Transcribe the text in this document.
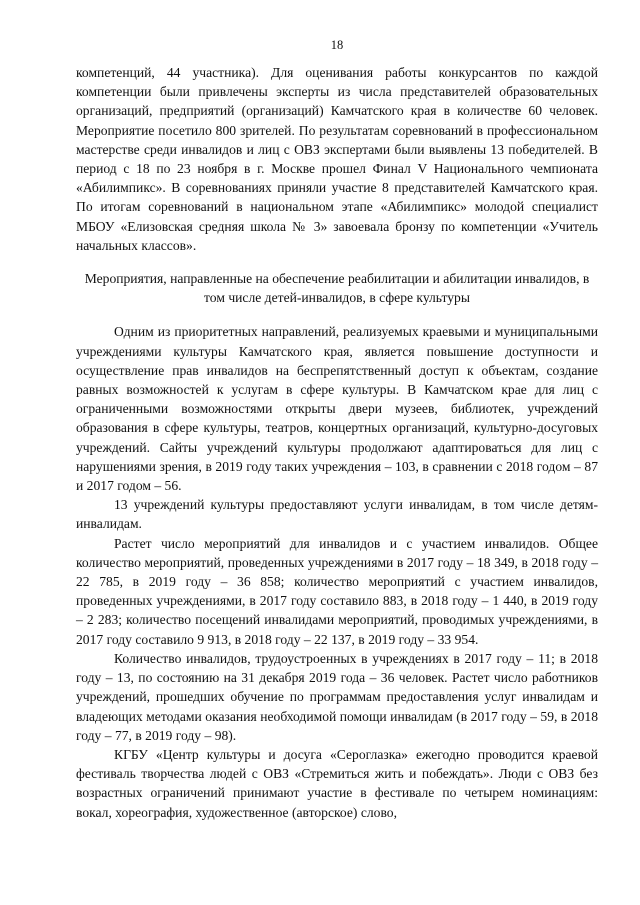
18

компетенций, 44 участника). Для оценивания работы конкурсантов по каждой компетенции были привлечены эксперты из числа представителей образовательных организаций, предприятий (организаций) Камчатского края в количестве 60 человек. Мероприятие посетило 800 зрителей. По результатам соревнований в профессиональном мастерстве среди инвалидов и лиц с ОВЗ экспертами были выявлены 13 победителей. В период с 18 по 23 ноября в г. Москве прошел Финал V Национального чемпионата «Абилимпикс». В соревнованиях приняли участие 8 представителей Камчатского края. По итогам соревнований в национальном этапе «Абилимпикс» молодой специалист МБОУ «Елизовская средняя школа № 3» завоевала бронзу по компетенции «Учитель начальных классов».

Мероприятия, направленные на обеспечение реабилитации и абилитации инвалидов, в том числе детей-инвалидов, в сфере культуры

Одним из приоритетных направлений, реализуемых краевыми и муниципальными учреждениями культуры Камчатского края, является повышение доступности и осуществление прав инвалидов на беспрепятственный доступ к объектам, создание равных возможностей к услугам в сфере культуры. В Камчатском крае для лиц с ограниченными возможностями открыты двери музеев, библиотек, учреждений образования в сфере культуры, театров, концертных организаций, культурно-досуговых учреждений. Сайты учреждений культуры продолжают адаптироваться для лиц с нарушениями зрения, в 2019 году таких учреждения – 103, в сравнении с 2018 годом – 87 и 2017 годом – 56.

13 учреждений культуры предоставляют услуги инвалидам, в том числе детям-инвалидам.

Растет число мероприятий для инвалидов и с участием инвалидов. Общее количество мероприятий, проведенных учреждениями в 2017 году – 18 349, в 2018 году – 22 785, в 2019 году – 36 858; количество мероприятий с участием инвалидов, проведенных учреждениями, в 2017 году составило 883, в 2018 году – 1 440, в 2019 году – 2 283; количество посещений инвалидами мероприятий, проводимых учреждениями, в 2017 году составило 9 913, в 2018 году – 22 137, в 2019 году – 33 954.

Количество инвалидов, трудоустроенных в учреждениях в 2017 году – 11; в 2018 году – 13, по состоянию на 31 декабря 2019 года – 36 человек. Растет число работников учреждений, прошедших обучение по программам предоставления услуг инвалидам и владеющих методами оказания необходимой помощи инвалидам (в 2017 году – 59, в 2018 году – 77, в 2019 году – 98).

КГБУ «Центр культуры и досуга «Сероглазка» ежегодно проводится краевой фестиваль творчества людей с ОВЗ «Стремиться жить и побеждать». Люди с ОВЗ без возрастных ограничений принимают участие в фестивале по четырем номинациям: вокал, хореография, художественное (авторское) слово,
